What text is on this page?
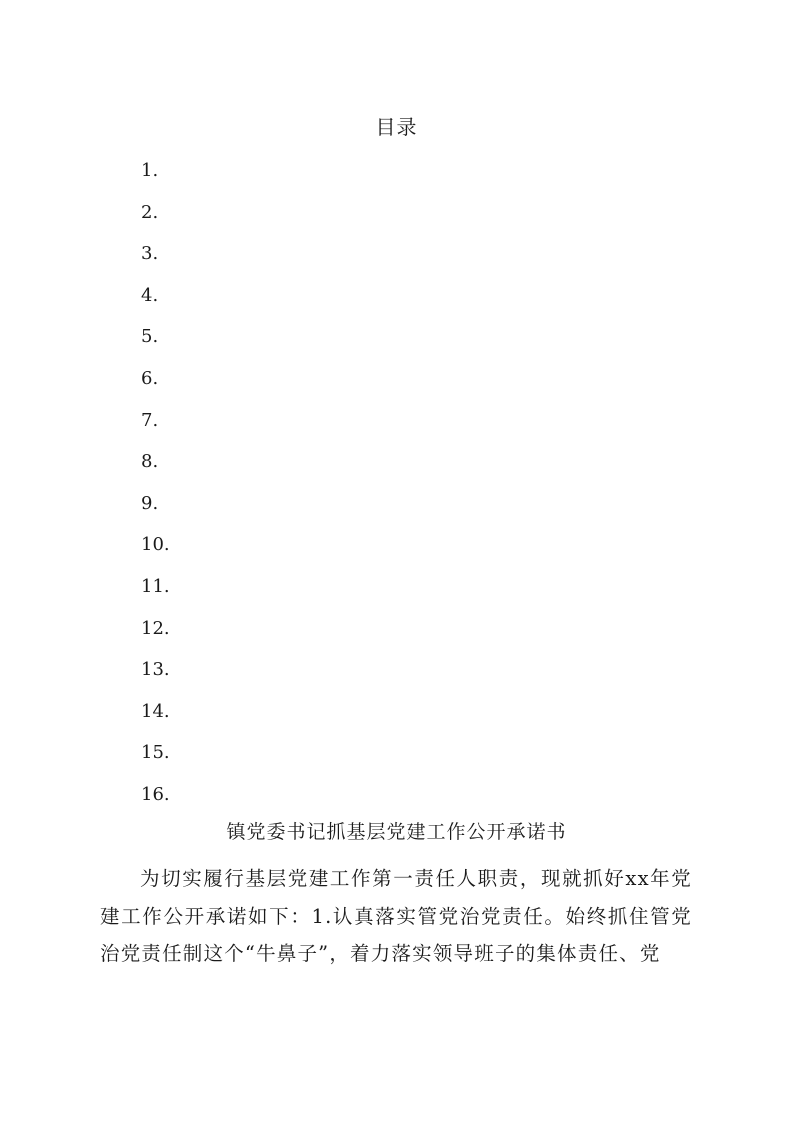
目录
1.
2.
3.
4.
5.
6.
7.
8.
9.
10.
11.
12.
13.
14.
15.
16.
镇党委书记抓基层党建工作公开承诺书

为切实履行基层党建工作第一责任人职责，现就抓好xx年党建工作公开承诺如下：1.认真落实管党治党责任。始终抓住管党治党责任制这个“牛鼻子”，着力落实领导班子的集体责任、党
